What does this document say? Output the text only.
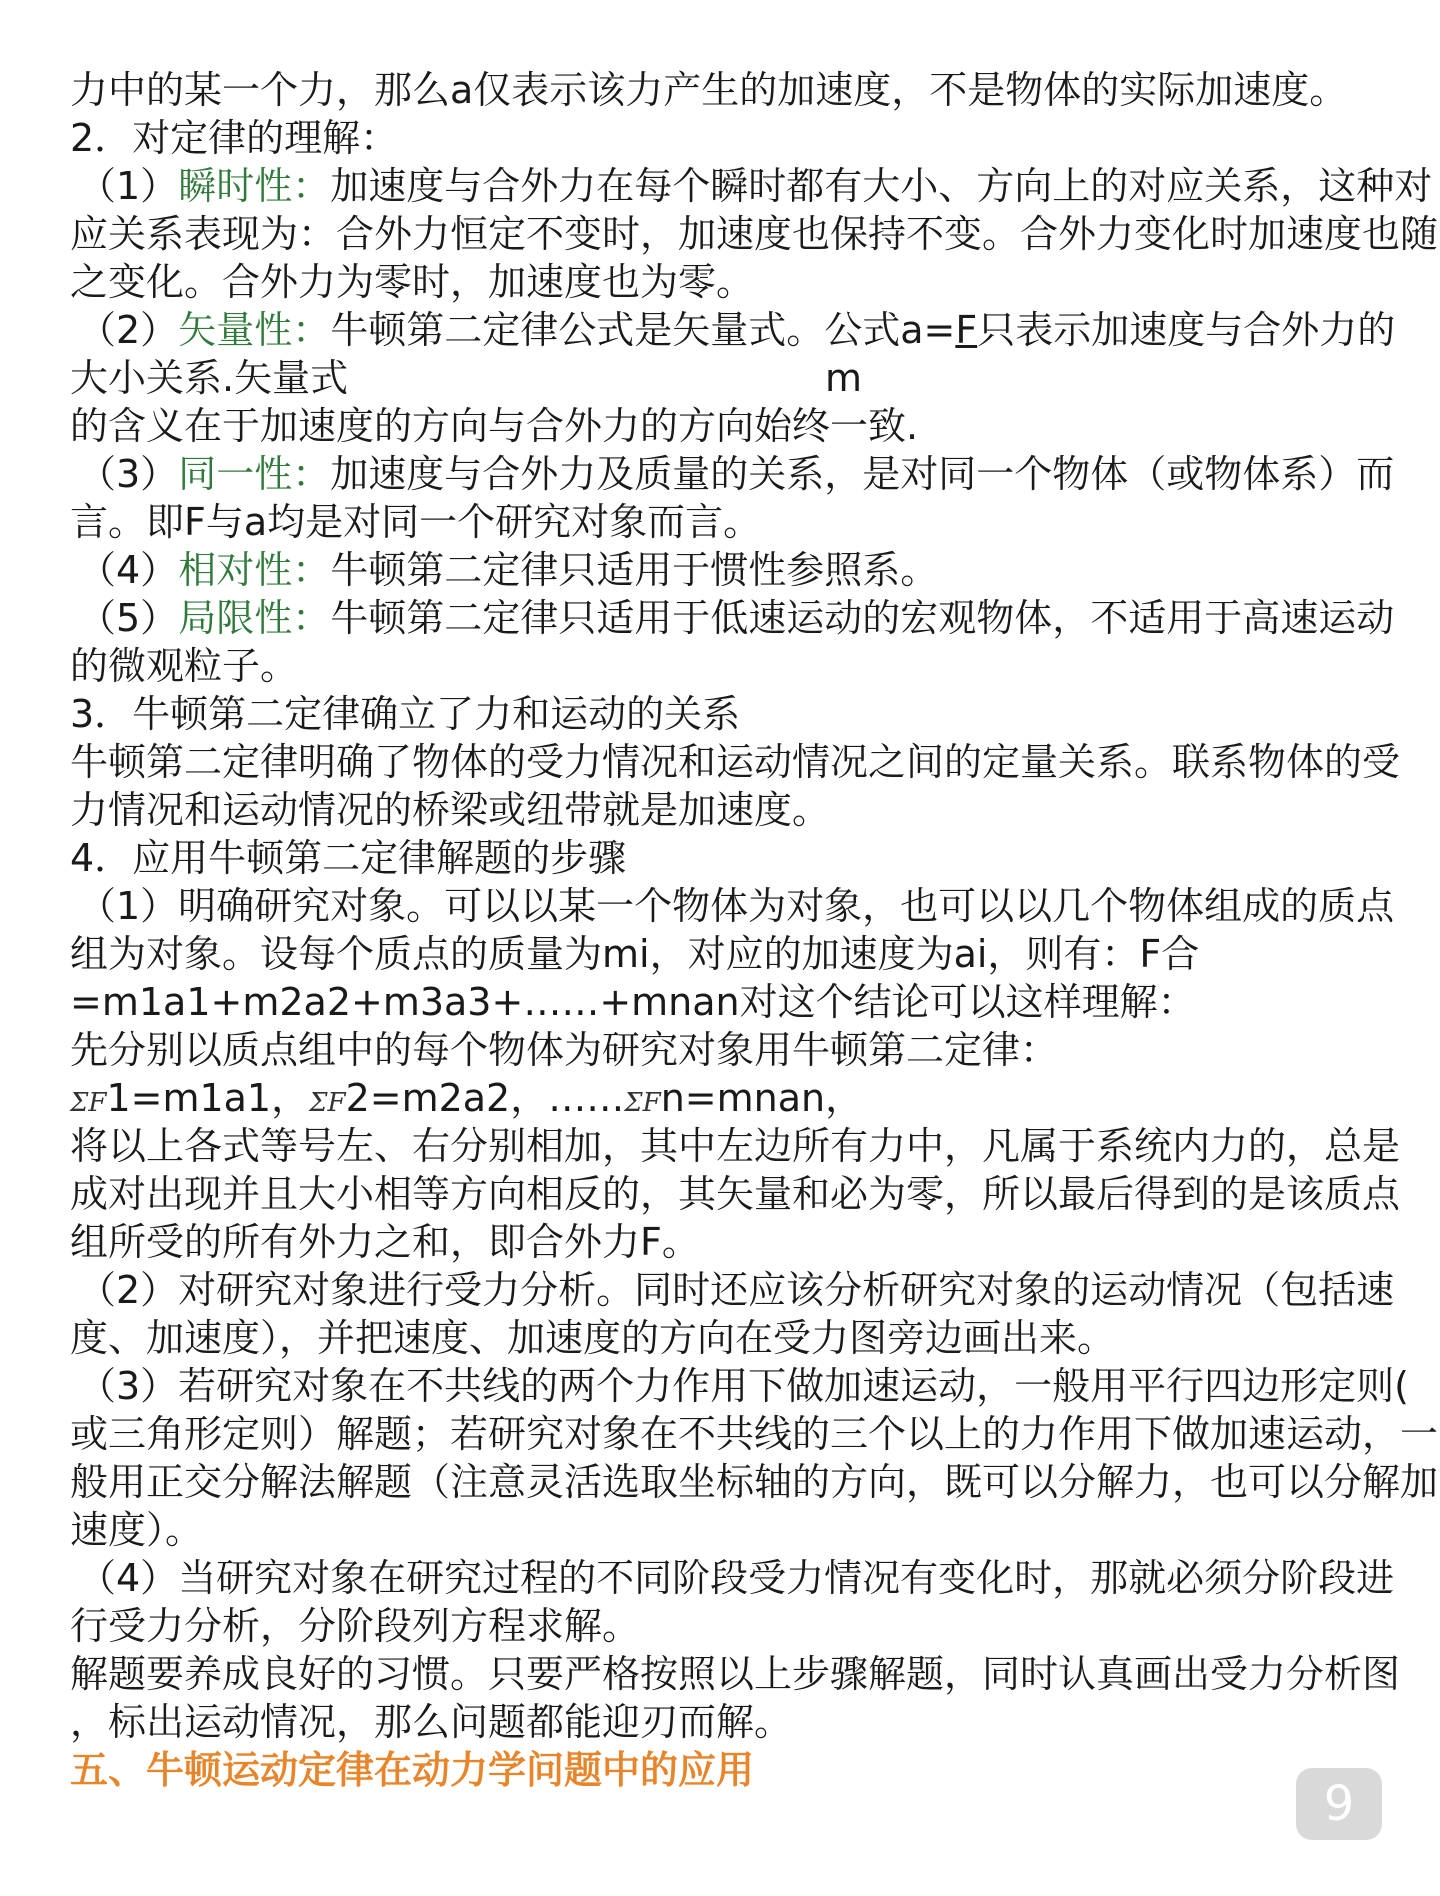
力中的某一个力，那么a仅表示该力产生的加速度，不是物体的实际加速度。
2．对定律的理解：
（1）瞬时性：加速度与合外力在每个瞬时都有大小、方向上的对应关系，这种对
应关系表现为：合外力恒定不变时，加速度也保持不变。合外力变化时加速度也随
之变化。合外力为零时，加速度也为零。
（2）矢量性：牛顿第二定律公式是矢量式。公式a=F只表示加速度与合外力的
大小关系.矢量式	m
的含义在于加速度的方向与合外力的方向始终一致.
（3）同一性：加速度与合外力及质量的关系，是对同一个物体（或物体系）而
言。即F与a均是对同一个研究对象而言。
（4）相对性：牛顿第二定律只适用于惯性参照系。
（5）局限性：牛顿第二定律只适用于低速运动的宏观物体，不适用于高速运动
的微观粒子。
3．牛顿第二定律确立了力和运动的关系
牛顿第二定律明确了物体的受力情况和运动情况之间的定量关系。联系物体的受
力情况和运动情况的桥梁或纽带就是加速度。
4．应用牛顿第二定律解题的步骤
（1）明确研究对象。可以以某一个物体为对象，也可以以几个物体组成的质点
组为对象。设每个质点的质量为mi，对应的加速度为ai，则有：F合
=m1a1+m2a2+m3a3+……+mnan对这个结论可以这样理解：
先分别以质点组中的每个物体为研究对象用牛顿第二定律：
ΣF1=m1a1，ΣF2=m2a2，……ΣFn=mnan，
将以上各式等号左、右分别相加，其中左边所有力中，凡属于系统内力的，总是
成对出现并且大小相等方向相反的，其矢量和必为零，所以最后得到的是该质点
组所受的所有外力之和，即合外力F。
（2）对研究对象进行受力分析。同时还应该分析研究对象的运动情况（包括速
度、加速度），并把速度、加速度的方向在受力图旁边画出来。
（3）若研究对象在不共线的两个力作用下做加速运动，一般用平行四边形定则(
或三角形定则）解题；若研究对象在不共线的三个以上的力作用下做加速运动，一
般用正交分解法解题（注意灵活选取坐标轴的方向，既可以分解力，也可以分解加
速度）。
（4）当研究对象在研究过程的不同阶段受力情况有变化时，那就必须分阶段进
行受力分析，分阶段列方程求解。
解题要养成良好的习惯。只要严格按照以上步骤解题，同时认真画出受力分析图
，标出运动情况，那么问题都能迎刃而解。
五、牛顿运动定律在动力学问题中的应用
9
